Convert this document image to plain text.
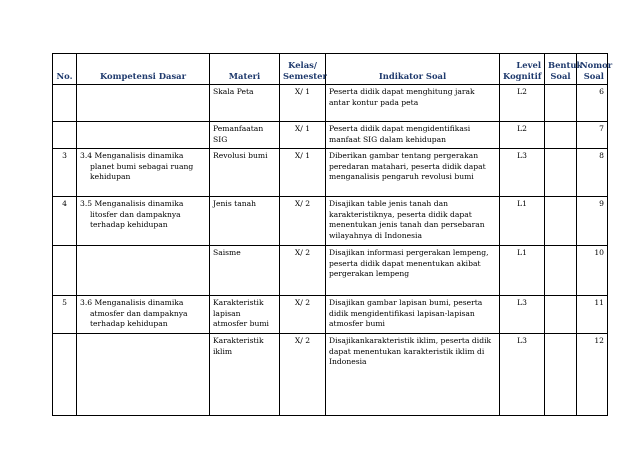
No.	Kompetensi Dasar	Materi	Kelas/ Semester	Indikator Soal	Level Kognitif	Bentuk Soal	Nomor Soal
		Skala Peta	X/ 1	Peserta didik dapat menghitung jarak antar kontur pada peta	L2		6
		Pemanfaatan SIG	X/ 1	Peserta didik dapat mengidentifikasi manfaat SIG dalam kehidupan	L2		7
3	3.4 Menganalisis dinamika planet bumi sebagai ruang kehidupan	Revolusi bumi	X/ 1	Diberikan gambar tentang pergerakan peredaran matahari, peserta didik dapat menganalisis pengaruh revolusi bumi	L3		8
4	3.5 Menganalisis dinamika litosfer dan dampaknya terhadap kehidupan	Jenis tanah	X/ 2	Disajikan table jenis tanah dan karakteristiknya, peserta didik dapat menentukan jenis tanah dan persebaran wilayahnya di Indonesia	L1		9
		Saisme	X/ 2	Disajikan informasi pergerakan lempeng, peserta didik dapat menentukan akibat pergerakan lempeng	L1		10
5	3.6 Menganalisis dinamika atmosfer dan dampaknya terhadap kehidupan	Karakteristik lapisan atmosfer bumi	X/ 2	Disajikan gambar lapisan bumi, peserta didik mengidentifikasi lapisan-lapisan atmosfer bumi	L3		11
		Karakteristik iklim	X/ 2	Disajikankarakteristik iklim, peserta didik dapat menentukan karakteristik iklim di Indonesia	L3		12
